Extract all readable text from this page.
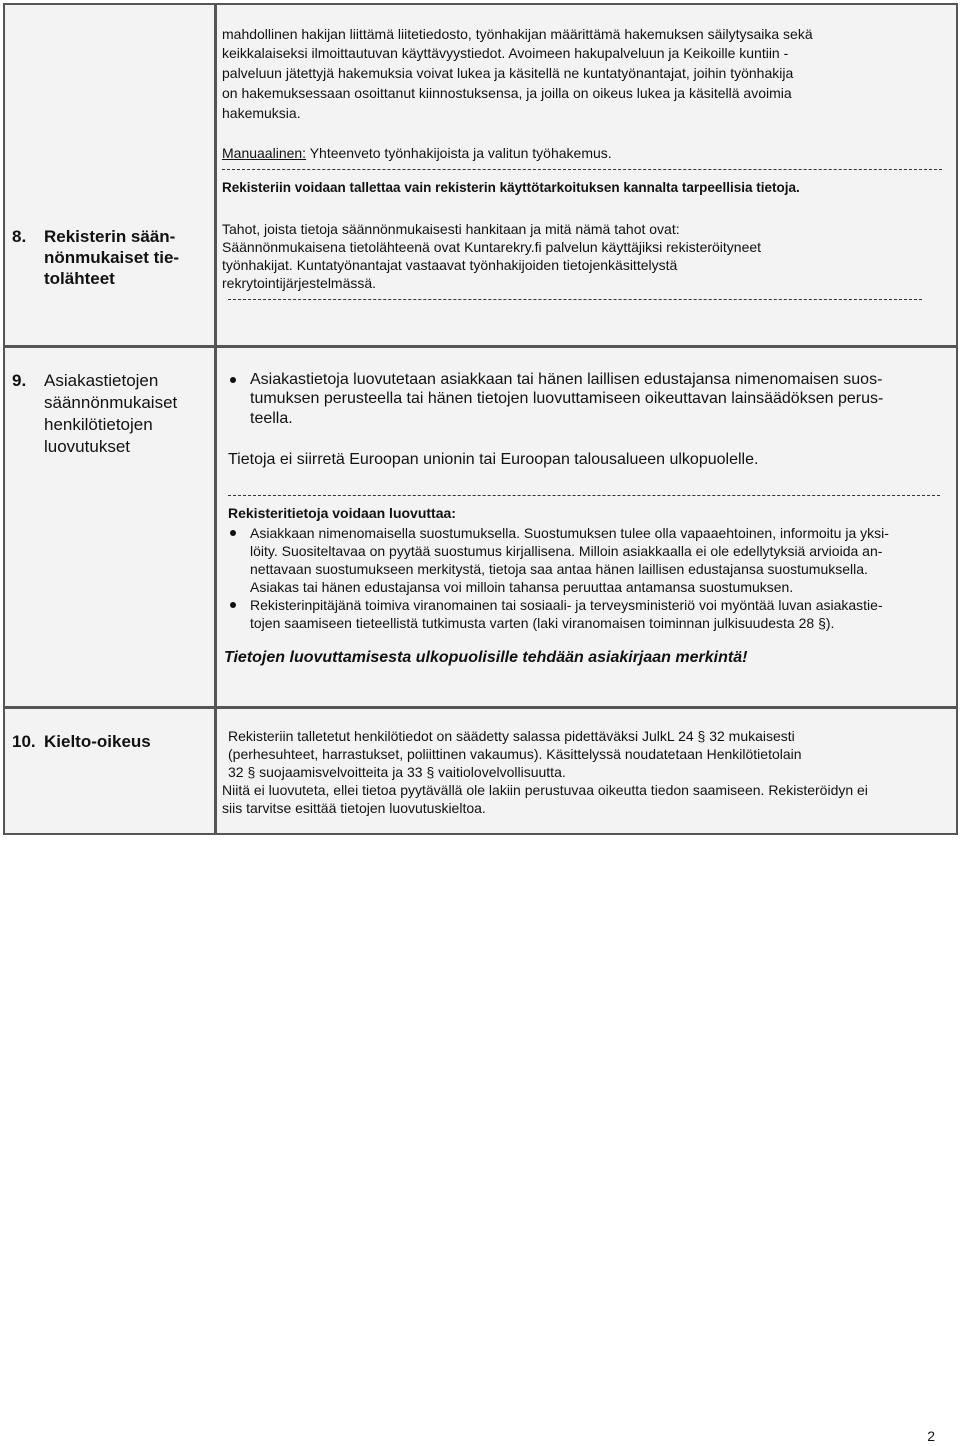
mahdollinen hakijan liittämä liitetiedosto, työnhakijan määrittämä hakemuksen säilytysaika sekä
keikkalaiseksi ilmoittautuvan käyttävyystiedot. Avoimeen hakupalveluun ja Keikoille kuntiin -
palveluun jätettyjä hakemuksia voivat lukea ja käsitellä ne kuntatyönantajat, joihin työnhakija
on hakemuksessaan osoittanut kiinnostuksensa, ja joilla on oikeus lukea ja käsitellä avoimia
hakemuksia.
Manuaalinen: Yhteenveto työnhakijoista ja valitun työhakemus.
Rekisteriin voidaan tallettaa vain rekisterin käyttötarkoituksen kannalta tarpeellisia tietoja.
8. Rekisterin sään-
nönmukaiset tie-
tolähteet
Tahot, joista tietoja säännönmukaisesti hankitaan ja mitä nämä tahot ovat:
Säännönmukaisena tietolähteenä ovat Kuntarekry.fi palvelun käyttäjiksi rekisteröityneet
työnhakijat. Kuntatyönantajat vastaavat työnhakijoiden tietojenkäsittelystä
rekrytointijärjestelmässä.
9. Asiakastietojen
säännönmukaiset
henkilötietojen
luovutukset
Asiakastietoja luovutetaan asiakkaan tai hänen laillisen edustajansa nimenomaisen suos-
tumuksen perusteella tai hänen tietojen luovuttamiseen oikeuttavan lainsäädöksen perus-
teella.
Tietoja ei siirretä Euroopan unionin tai Euroopan talousalueen ulkopuolelle.
Rekisteritietoja voidaan luovuttaa:
Asiakkaan nimenomaisella suostumuksella. Suostumuksen tulee olla vapaaehtoinen, informoitu ja yksi-
löity. Suositeltavaa on pyytää suostumus kirjallisena. Milloin asiakkaalla ei ole edellytyksiä arvioida an-
nettavaan suostumukseen merkitystä, tietoja saa antaa hänen laillisen edustajansa suostumuksella.
Asiakas tai hänen edustajansa voi milloin tahansa peruuttaa antamansa suostumuksen.
Rekisterinpitäjänä toimiva viranomainen tai sosiaali- ja terveysministeriö voi myöntää luvan asiakastie-
tojen saamiseen tieteellistä tutkimusta varten (laki viranomaisen toiminnan julkisuudesta 28 §).
Tietojen luovuttamisesta ulkopuolisille tehdään asiakirjaan merkintä!
10. Kielto-oikeus	Rekisteriin talletetut henkilötiedot on säädetty salassa pidettäväksi JulkL 24 § 32 mukaisesti
(perhesuhteet, harrastukset, poliittinen vakaumus). Käsittelyssä noudatetaan Henkilötietolain
32 § suojaamisvelvoitteita ja 33 § vaitiolovelvollisuutta.
Niitä ei luovuteta, ellei tietoa pyytävällä ole lakiin perustuvaa oikeutta tiedon saamiseen. Rekisteröidyn ei
siis tarvitse esittää tietojen luovutuskieltoa.
2
